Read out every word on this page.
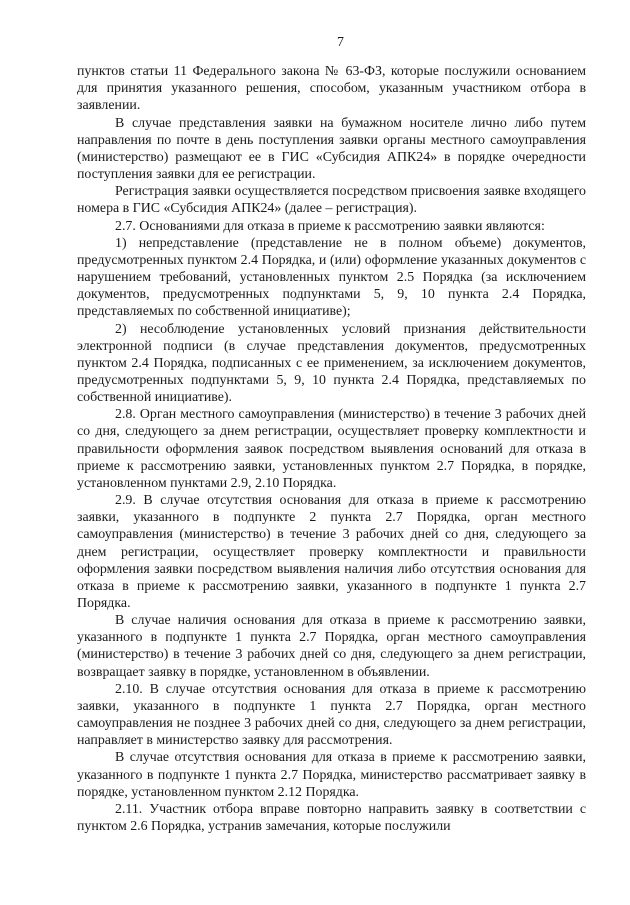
7

пунктов статьи 11 Федерального закона № 63-ФЗ, которые послужили основанием для принятия указанного решения, способом, указанным участником отбора в заявлении.

В случае представления заявки на бумажном носителе лично либо путем направления по почте в день поступления заявки органы местного самоуправления (министерство) размещают ее в ГИС «Субсидия АПК24» в порядке очередности поступления заявки для ее регистрации.

Регистрация заявки осуществляется посредством присвоения заявке входящего номера в ГИС «Субсидия АПК24» (далее – регистрация).

2.7. Основаниями для отказа в приеме к рассмотрению заявки являются:

1) непредставление (представление не в полном объеме) документов, предусмотренных пунктом 2.4 Порядка, и (или) оформление указанных документов с нарушением требований, установленных пунктом 2.5 Порядка (за исключением документов, предусмотренных подпунктами 5, 9, 10 пункта 2.4 Порядка, представляемых по собственной инициативе);

2) несоблюдение установленных условий признания действительности электронной подписи (в случае представления документов, предусмотренных пунктом 2.4 Порядка, подписанных с ее применением, за исключением документов, предусмотренных подпунктами 5, 9, 10 пункта 2.4 Порядка, представляемых по собственной инициативе).

2.8. Орган местного самоуправления (министерство) в течение 3 рабочих дней со дня, следующего за днем регистрации, осуществляет проверку комплектности и правильности оформления заявок посредством выявления оснований для отказа в приеме к рассмотрению заявки, установленных пунктом 2.7 Порядка, в порядке, установленном пунктами 2.9, 2.10 Порядка.

2.9. В случае отсутствия основания для отказа в приеме к рассмотрению заявки, указанного в подпункте 2 пункта 2.7 Порядка, орган местного самоуправления (министерство) в течение 3 рабочих дней со дня, следующего за днем регистрации, осуществляет проверку комплектности и правильности оформления заявки посредством выявления наличия либо отсутствия основания для отказа в приеме к рассмотрению заявки, указанного в подпункте 1 пункта 2.7 Порядка.

В случае наличия основания для отказа в приеме к рассмотрению заявки, указанного в подпункте 1 пункта 2.7 Порядка, орган местного самоуправления (министерство) в течение 3 рабочих дней со дня, следующего за днем регистрации, возвращает заявку в порядке, установленном в объявлении.

2.10. В случае отсутствия основания для отказа в приеме к рассмотрению заявки, указанного в подпункте 1 пункта 2.7 Порядка, орган местного самоуправления не позднее 3 рабочих дней со дня, следующего за днем регистрации, направляет в министерство заявку для рассмотрения.

В случае отсутствия основания для отказа в приеме к рассмотрению заявки, указанного в подпункте 1 пункта 2.7 Порядка, министерство рассматривает заявку в порядке, установленном пунктом 2.12 Порядка.

2.11. Участник отбора вправе повторно направить заявку в соответствии с пунктом 2.6 Порядка, устранив замечания, которые послужили
